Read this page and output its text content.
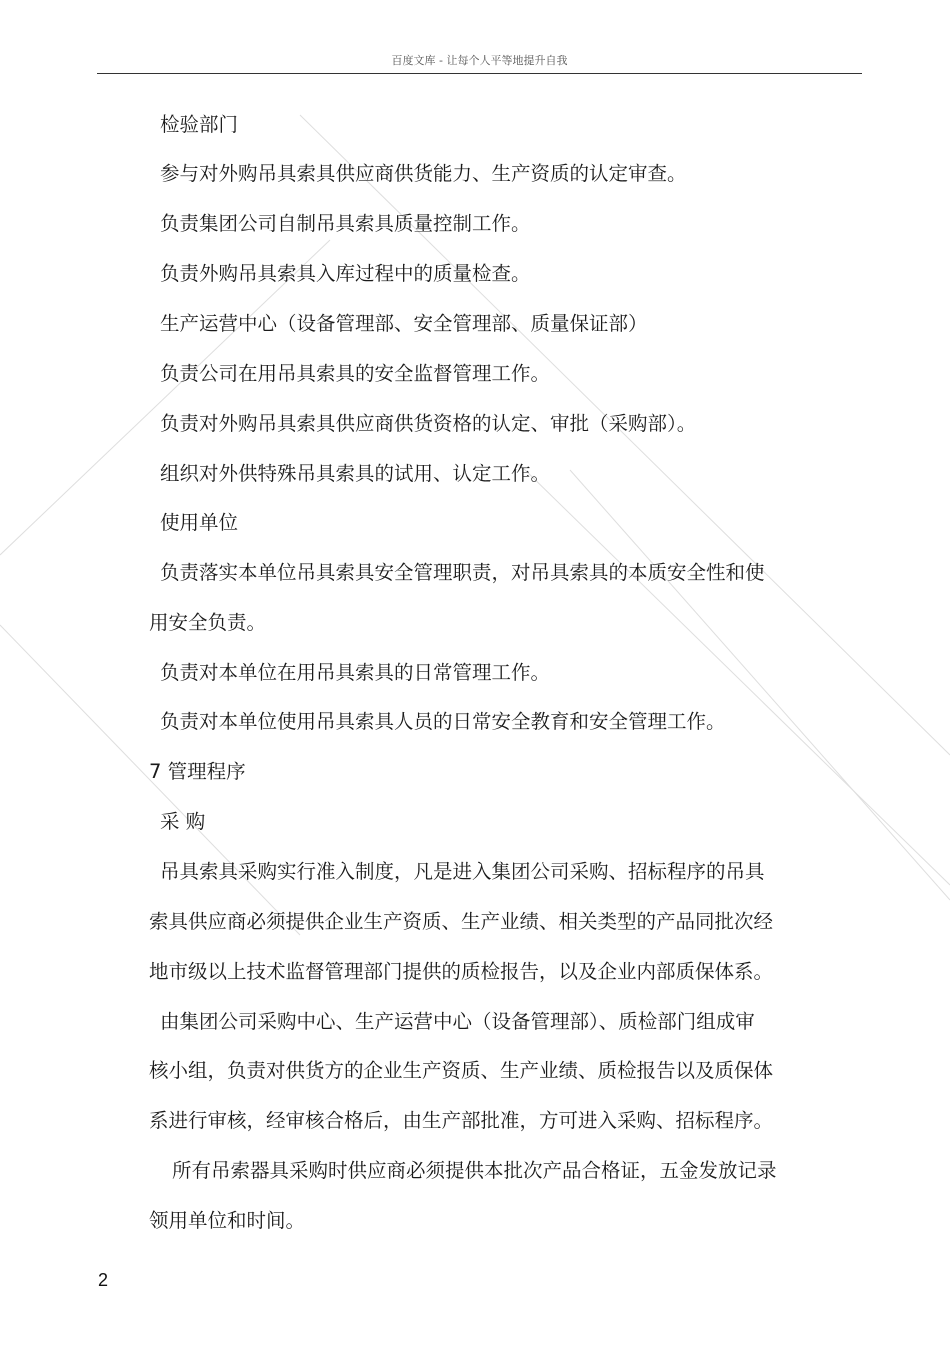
百度文库 - 让每个人平等地提升自我
检验部门
参与对外购吊具索具供应商供货能力、生产资质的认定审查。
负责集团公司自制吊具索具质量控制工作。
负责外购吊具索具入库过程中的质量检查。
生产运营中心（设备管理部、安全管理部、质量保证部）
负责公司在用吊具索具的安全监督管理工作。
负责对外购吊具索具供应商供货资格的认定、审批（采购部）。
组织对外供特殊吊具索具的试用、认定工作。
使用单位
负责落实本单位吊具索具安全管理职责，对吊具索具的本质安全性和使
用安全负责。
负责对本单位在用吊具索具的日常管理工作。
负责对本单位使用吊具索具人员的日常安全教育和安全管理工作。
7 管理程序
采 购
吊具索具采购实行准入制度，凡是进入集团公司采购、招标程序的吊具
索具供应商必须提供企业生产资质、生产业绩、相关类型的产品同批次经
地市级以上技术监督管理部门提供的质检报告，以及企业内部质保体系。
由集团公司采购中心、生产运营中心（设备管理部）、质检部门组成审
核小组，负责对供货方的企业生产资质、生产业绩、质检报告以及质保体
系进行审核，经审核合格后，由生产部批准，方可进入采购、招标程序。
所有吊索器具采购时供应商必须提供本批次产品合格证，五金发放记录
领用单位和时间。
2
